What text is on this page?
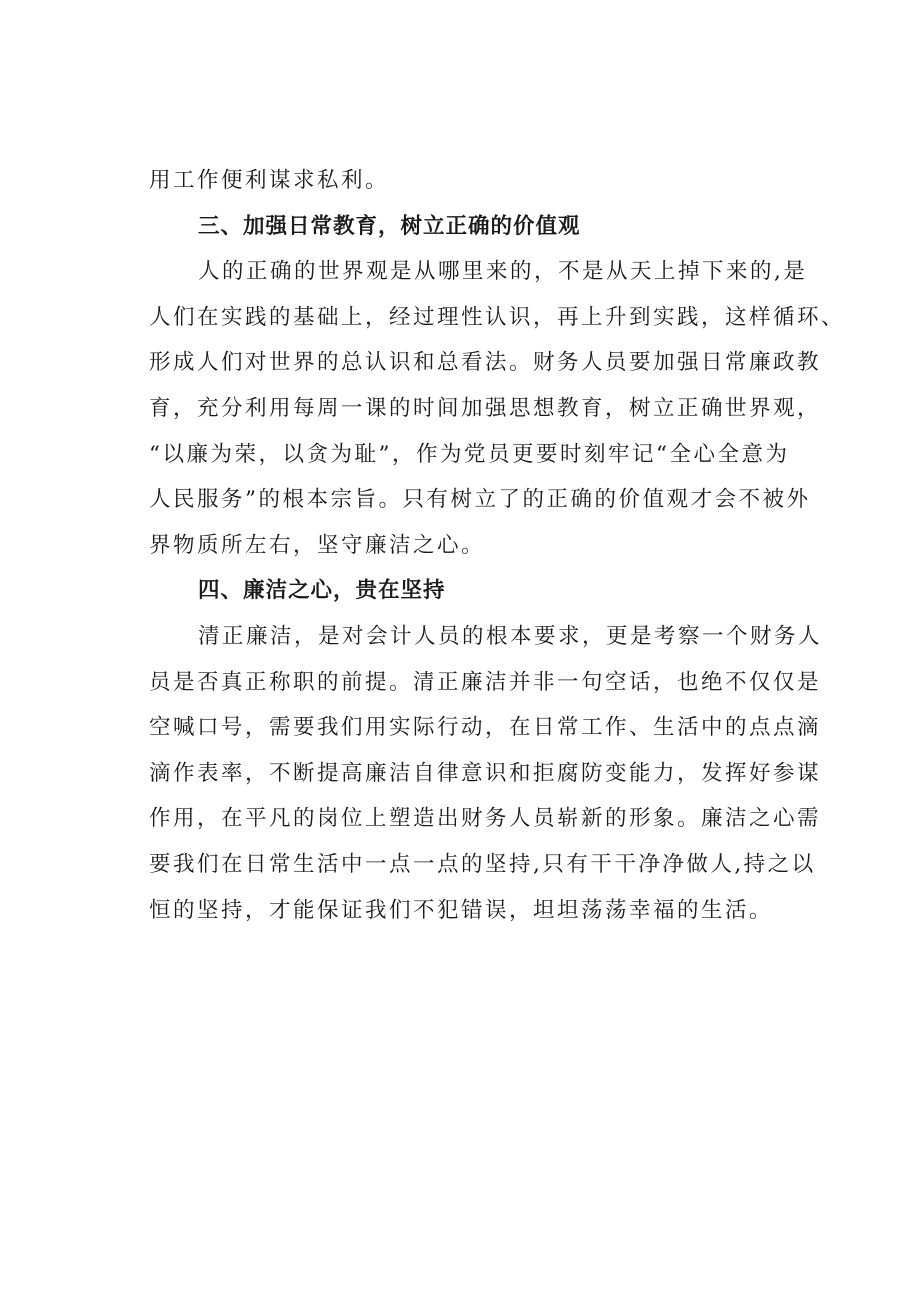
用工作便利谋求私利。
三、加强日常教育，树立正确的价值观
人的正确的世界观是从哪里来的，不是从天上掉下来的,是
人们在实践的基础上，经过理性认识，再上升到实践，这样循环、
形成人们对世界的总认识和总看法。财务人员要加强日常廉政教
育，充分利用每周一课的时间加强思想教育，树立正确世界观，
“以廉为荣，以贪为耻”，作为党员更要时刻牢记“全心全意为
人民服务”的根本宗旨。只有树立了的正确的价值观才会不被外
界物质所左右，坚守廉洁之心。
四、廉洁之心，贵在坚持
清正廉洁，是对会计人员的根本要求，更是考察一个财务人
员是否真正称职的前提。清正廉洁并非一句空话，也绝不仅仅是
空喊口号，需要我们用实际行动，在日常工作、生活中的点点滴
滴作表率，不断提高廉洁自律意识和拒腐防变能力，发挥好参谋
作用，在平凡的岗位上塑造出财务人员崭新的形象。廉洁之心需
要我们在日常生活中一点一点的坚持,只有干干净净做人,持之以
恒的坚持，才能保证我们不犯错误，坦坦荡荡幸福的生活。
